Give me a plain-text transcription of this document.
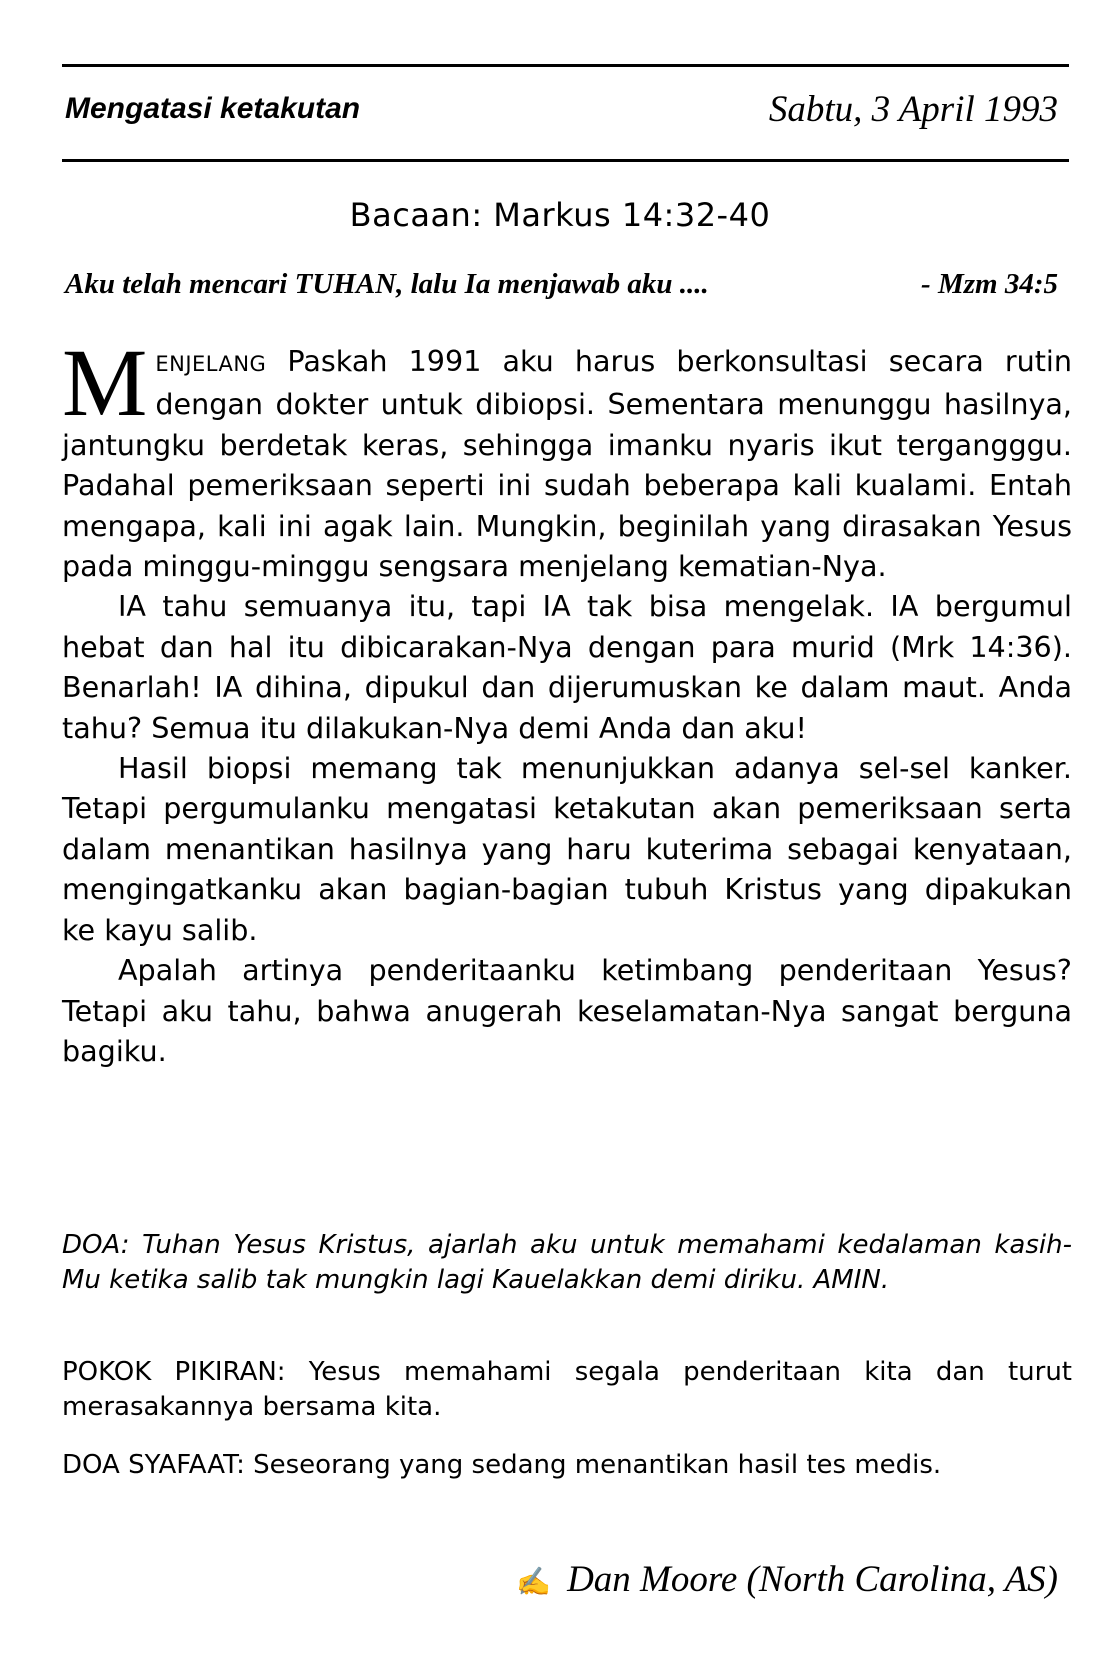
Mengatasi ketakutan	Sabtu, 3 April 1993
Bacaan: Markus 14:32-40
Aku telah mencari TUHAN, lalu Ia menjawab aku ....	- Mzm 34:5

MENJELANG Paskah 1991 aku harus berkonsultasi secara rutin dengan dokter untuk dibiopsi. Sementara menunggu hasilnya, jantungku berdetak keras, sehingga imanku nyaris ikut tergangggu. Padahal pemeriksaan seperti ini sudah beberapa kali kualami. Entah mengapa, kali ini agak lain. Mungkin, beginilah yang dirasakan Yesus pada minggu-minggu sengsara menjelang kematian-Nya.

IA tahu semuanya itu, tapi IA tak bisa mengelak. IA bergumul hebat dan hal itu dibicarakan-Nya dengan para murid (Mrk 14:36). Benarlah! IA dihina, dipukul dan dijerumuskan ke dalam maut. Anda tahu? Semua itu dilakukan-Nya demi Anda dan aku!

Hasil biopsi memang tak menunjukkan adanya sel-sel kanker. Tetapi pergumulanku mengatasi ketakutan akan pemeriksaan serta dalam menantikan hasilnya yang haru kuterima sebagai kenyataan, mengingatkanku akan bagian-bagian tubuh Kristus yang dipakukan ke kayu salib.

Apalah artinya penderitaanku ketimbang penderitaan Yesus? Tetapi aku tahu, bahwa anugerah keselamatan-Nya sangat berguna bagiku.

DOA: Tuhan Yesus Kristus, ajarlah aku untuk memahami kedalaman kasih-Mu ketika salib tak mungkin lagi Kauelakkan demi diriku. AMIN.
POKOK PIKIRAN: Yesus memahami segala penderitaan kita dan turut merasakannya bersama kita.
DOA SYAFAAT: Seseorang yang sedang menantikan hasil tes medis.
✍ Dan Moore (North Carolina, AS)
